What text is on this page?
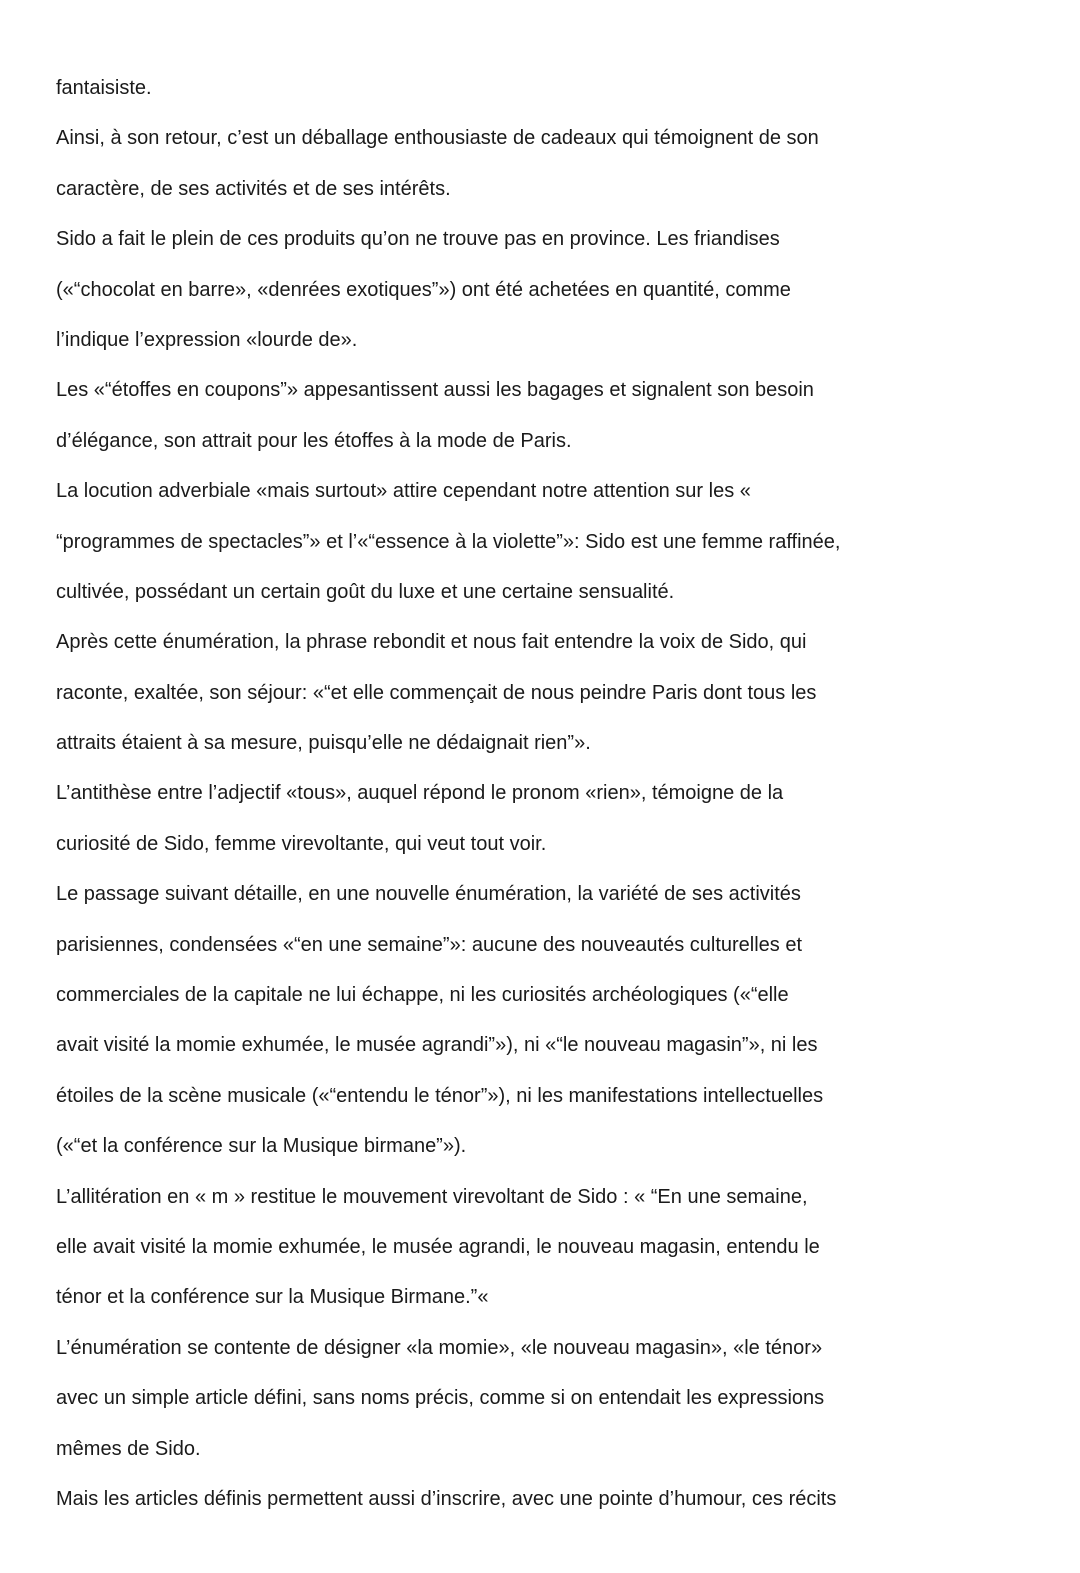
fantaisiste.
Ainsi, à son retour, c’est un déballage enthousiaste de cadeaux qui témoignent de son
caractère, de ses activités et de ses intérêts.
Sido a fait le plein de ces produits qu’on ne trouve pas en province. Les friandises
(«“chocolat en barre», «denrées exotiques”») ont été achetées en quantité, comme
l’indique l’expression «lourde de».
Les «“étoffes en coupons”» appesantissent aussi les bagages et signalent son besoin
d’élégance, son attrait pour les étoffes à la mode de Paris.
La locution adverbiale «mais surtout» attire cependant notre attention sur les «
“programmes de spectacles”» et l’«“essence à la violette”»: Sido est une femme raffinée,
cultivée, possédant un certain goût du luxe et une certaine sensualité.
Après cette énumération, la phrase rebondit et nous fait entendre la voix de Sido, qui
raconte, exaltée, son séjour: «“et elle commençait de nous peindre Paris dont tous les
attraits étaient à sa mesure, puisqu’elle ne dédaignait rien”».
L’antithèse entre l’adjectif «tous», auquel répond le pronom «rien», témoigne de la
curiosité de Sido, femme virevoltante, qui veut tout voir.
Le passage suivant détaille, en une nouvelle énumération, la variété de ses activités
parisiennes, condensées «“en une semaine”»: aucune des nouveautés culturelles et
commerciales de la capitale ne lui échappe, ni les curiosités archéologiques («“elle
avait visité la momie exhumée, le musée agrandi”»), ni «“le nouveau magasin”», ni les
étoiles de la scène musicale («“entendu le ténor”»), ni les manifestations intellectuelles
(«“et la conférence sur la Musique birmane”»).
L’allitération en « m » restitue le mouvement virevoltant de Sido : « “En une semaine,
elle avait visité la momie exhumée, le musée agrandi, le nouveau magasin, entendu le
ténor et la conférence sur la Musique Birmane.”«
L’énumération se contente de désigner «la momie», «le nouveau magasin», «le ténor»
avec un simple article défini, sans noms précis, comme si on entendait les expressions
mêmes de Sido.
Mais les articles définis permettent aussi d’inscrire, avec une pointe d’humour, ces récits
